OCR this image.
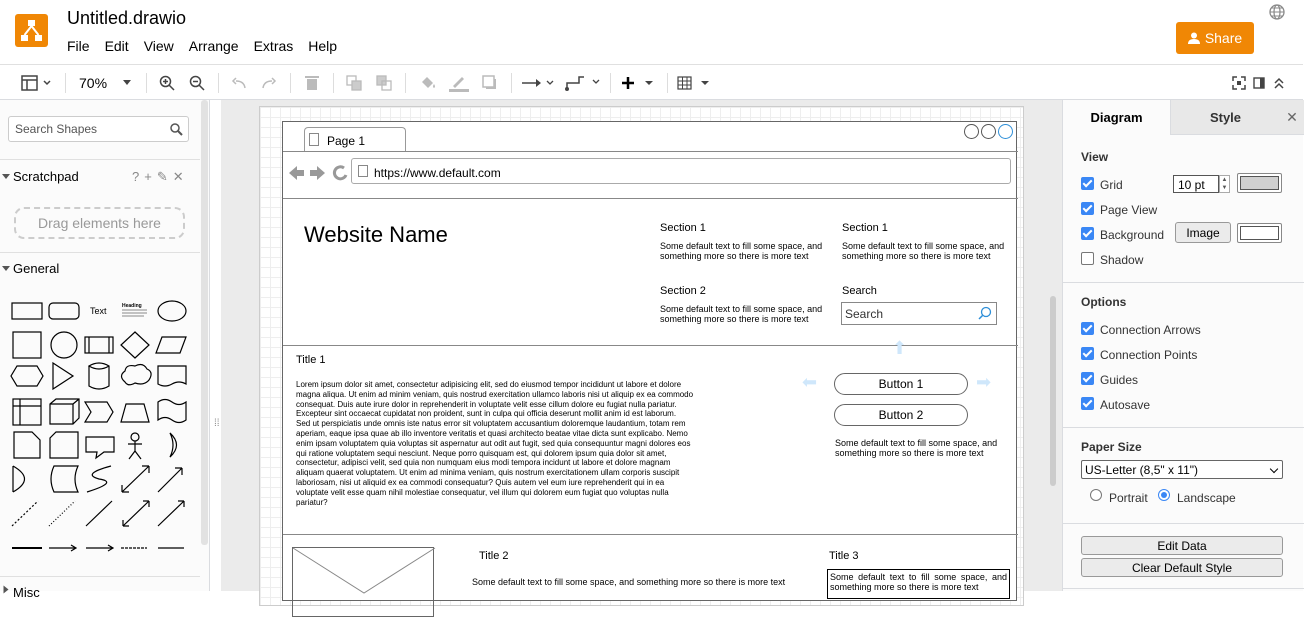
Untitled.drawio
File Edit View Arrange Extras Help	Share
70%
Search Shapes
Scratchpad
Drag elements here
General
Text	Heading
Misc
? + ✎ ✕
⁞⁞
Page 1
https://www.default.com
Website Name	Section 1
Some default text to fill some space, and something more so there is more text
Section 1
Some default text to fill some space, and something more so there is more text
Section 2
Some default text to fill some space, and something more so there is more text
Search
Search
Title 1
Lorem ipsum dolor sit amet, consectetur adipisicing elit, sed do eiusmod tempor incididunt ut labore et dolore magna aliqua. Ut enim ad minim veniam, quis nostrud exercitation ullamco laboris nisi ut aliquip ex ea commodo consequat. Duis aute irure dolor in reprehenderit in voluptate velit esse cillum dolore eu fugiat nulla pariatur. Excepteur sint occaecat cupidatat non proident, sunt in culpa qui officia deserunt mollit anim id est laborum.
Sed ut perspiciatis unde omnis iste natus error sit voluptatem accusantium doloremque laudantium, totam rem aperiam, eaque ipsa quae ab illo inventore veritatis et quasi architecto beatae vitae dicta sunt explicabo. Nemo enim ipsam voluptatem quia voluptas sit aspernatur aut odit aut fugit, sed quia consequuntur magni dolores eos qui ratione voluptatem sequi nesciunt. Neque porro quisquam est, qui dolorem ipsum quia dolor sit amet, consectetur, adipisci velit, sed quia non numquam eius modi tempora incidunt ut labore et dolore magnam aliquam quaerat voluptatem. Ut enim ad minima veniam, quis nostrum exercitationem ullam corporis suscipit laboriosam, nisi ut aliquid ex ea commodi consequatur? Quis autem vel eum iure reprehenderit qui in ea voluptate velit esse quam nihil molestiae consequatur, vel illum qui dolorem eum fugiat quo voluptas nulla pariatur?
⬆
⬅	➡
Button 1
Button 2
Some default text to fill some space, and something more so there is more text
Title 2
Some default text to fill some space, and something more so there is more text
Title 3
Some default text to fill some space, and something more so there is more text
Diagram	Style	✕
View
Grid	10 pt	▲
▼
Page View
Background	Image
Shadow
Options
Connection Arrows
Connection Points
Guides
Autosave
Paper Size
US-Letter (8,5" x 11")
Portrait Landscape
Edit Data
Clear Default Style
